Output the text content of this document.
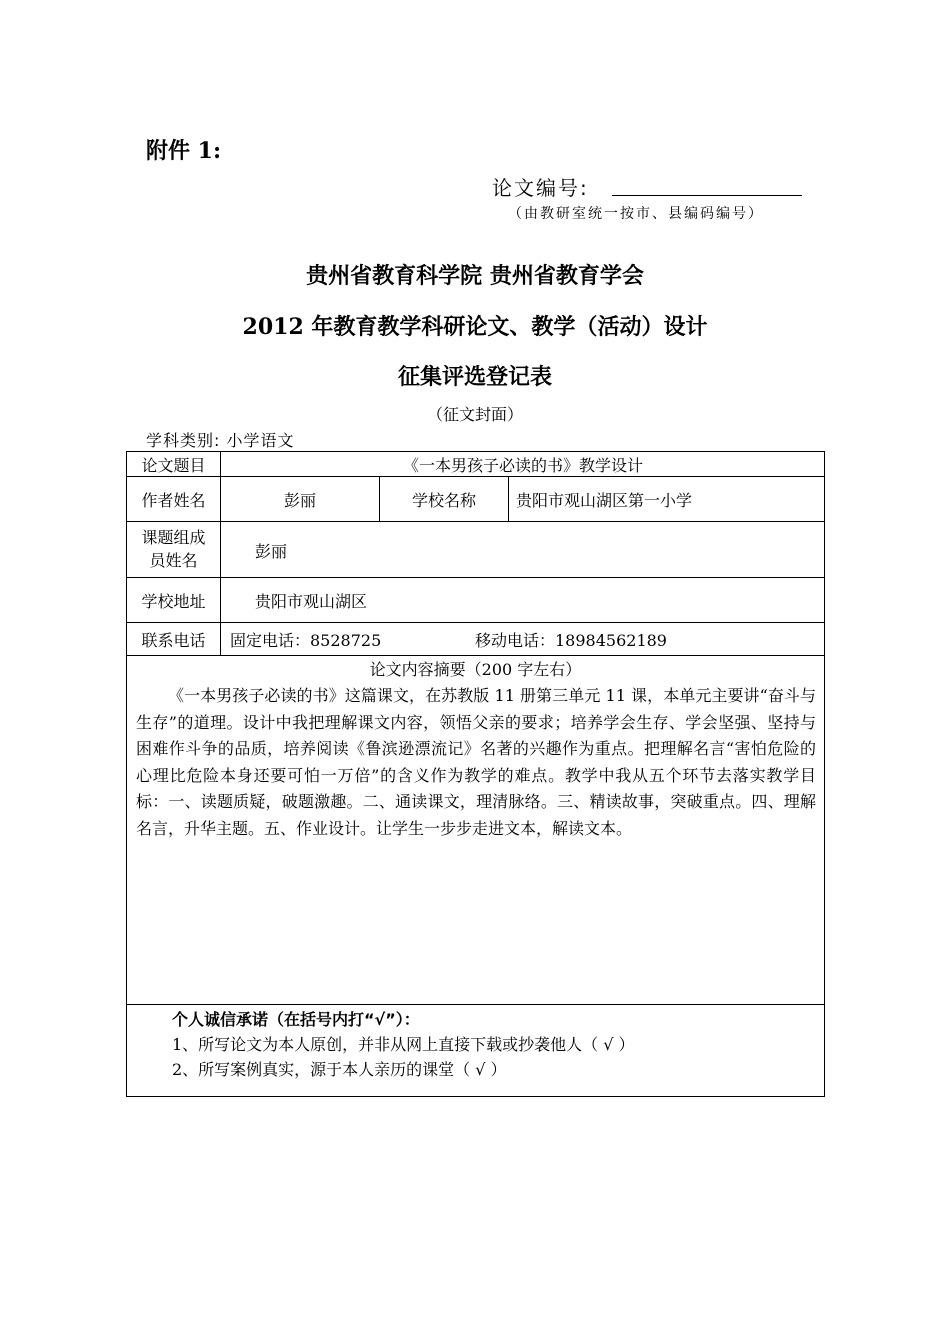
附件 1:
论文编号:
（由教研室统一按市、县编码编号）
贵州省教育科学院 贵州省教育学会
2012 年教育教学科研论文、教学（活动）设计
征集评选登记表
（征文封面）
学科类别: 小学语文
论文题目	《一本男孩子必读的书》教学设计
作者姓名	彭丽	学校名称	贵阳市观山湖区第一小学
课题组成
员姓名	彭丽
学校地址	贵阳市观山湖区
联系电话	固定电话：8528725	移动电话：18984562189
论文内容摘要（200 字左右）
《一本男孩子必读的书》这篇课文，在苏教版 11 册第三单元 11 课，本单元主要讲“奋斗与生存”的道理。设计中我把理解课文内容，领悟父亲的要求；培养学会生存、学会坚强、坚持与困难作斗争的品质，培养阅读《鲁滨逊漂流记》名著的兴趣作为重点。把理解名言“害怕危险的心理比危险本身还要可怕一万倍”的含义作为教学的难点。教学中我从五个环节去落实教学目标：一、读题质疑，破题激趣。二、通读课文，理清脉络。三、精读故事，突破重点。四、理解名言，升华主题。五、作业设计。让学生一步步走进文本，解读文本。
个人诚信承诺（在括号内打“√”）：
1、所写论文为本人原创，并非从网上直接下载或抄袭他人（ √ ）
2、所写案例真实，源于本人亲历的课堂（ √ ）
